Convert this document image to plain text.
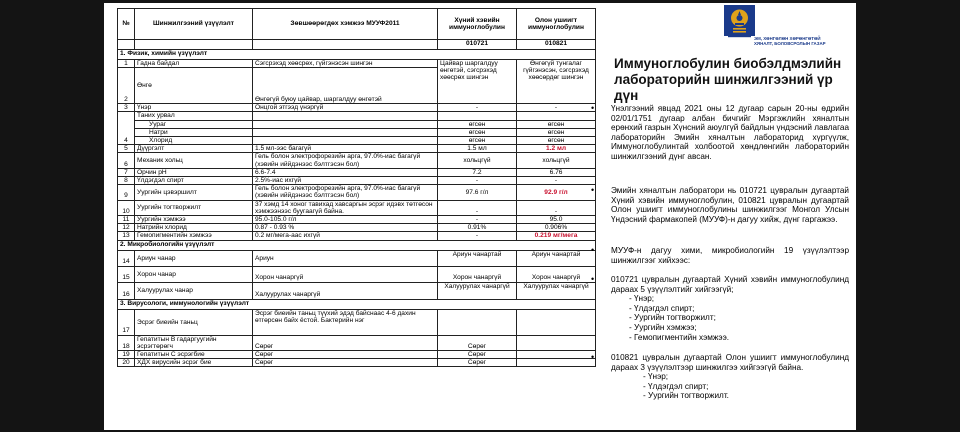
№	Шинжилгээний үзүүлэлт	Зөвшөөрөгдөх хэмжээ МУУФ2011	Хүний хэвийн иммуноглобулин	Олон ушиигт иммуноглобулин
			010721	010821
1. Физик, химийн үзүүлэлт				
1	Гадна байдал	Сэгсрэхэд хөөсрөх, гүйгэнэсэн шингэн	Цайвар шаргалдуу өнгөтэй, сэгсрэхэд хөөсрөх шингэн	Өнгөгүй тунгалаг гүйгэнэсэн, сэгсрэхэд хөөсөрдөг шингэн
2	Өнгө	Өнгөгүй буюу цайвар, шаргалдуу өнгөтэй		
3	Үнэр	Онцгой этгээд үнэргүй	-	-
4	Таних урвал			
	Уураг		өгсөн	өгсөн
	Натри		өгсөн	өгсөн
	Хлорид		өгсөн	өгсөн
5	Дүүргэлт	1.5 мл-ээс багагүй	1.5 мл	1.2 мл
6	Механик хольц	Гель болон электрофорезийн арга, 97.0%-иас багагүй (хэвийн иййдэнээс бэлтгэсэн бол)	хольцгүй	хольцгүй
7	Орчин pH	6.6-7.4	7.2	6.76
8	Үлдэгдэл спирт	2.5%-иас ихгүй	-	-
9	Уургийн цэвэршилт	Гель болон электрофорезийн арга, 97.0%-иас багагүй (хэвийн иййдэнээс бэлтгэсэн бол)	97.6 г/л	92.9 г/л
10	Уургийн тогтворжилт	37 хэмд 14 хоног тавихад хавсаргын эсрэг идэвх төтгөсон хэмжээнээс буугаагүй байна.	-	-
11	Уургийн хэмжээ	95.0-105.0 г/л	-	95.0
12	Натрийн хлорид	0.87 - 0.93 %	0.91%	0.906%
13	Гемопигментийн хэмжээ	0.2 мг/мега-аас ихгүй	-	0.219 мг/мега
2. Микробиологийн үзүүлэлт				
14	Ариун чанар	Ариун	Ариун чанартай	Ариун чанартай
15	Хорон чанар	Хорон чанаргүй	Хорон чанаргүй	Хорон чанаргүй
16	Халуурулах чанар	Халуурулах чанаргүй	Халуурулах чанаргүй	Халуурулах чанаргүй
3. Вирусологи, иммунологийн үзүүлэлт				
17	Эсрэг биеийн таньц	Эсрэг биеийн таньц түүхий эдэд байснаас 4-6 дахин өтгөрсөн байх ёстой. Бактерийн нэг		
18	Гепатитын В гадаргуугийн эсрэгтөрөгч	Сөрөг	Сөрөг	
19	Гепатитын С эсрэгбие	Сөрөг	Сөрөг	
20	ХДХ вирусийн эсрэг бие	Сөрөг	Сөрөг	
ЭМ, ХӨНГӨЛӨН ХӨРӨНГӨТӨЙ
ХЯНАЛТ, БОЛОВСРОЛЫН ГАЗАР
Иммуноглобулин биобэлдмэлийн лабораторийн шинжилгээний үр дүн
• Үнэлгээний явцад 2021 оны 12 дугаар сарын 20-ны өдрийн 02/01/1751 дугаар албан бичгийг Мэргэжлийн хяналтын ерөнхий газрын Хүнсний аюулгүй байдлын үндэсний лавлагаа лабораторийн Эмийн хяналтын лабораторид хүргүүлж, Иммуноглобулинтай холбоотой хөндлөнгийн лабораторийн шинжилгээний дүнг авсан.
• Эмийн хяналтын лаборатори нь 010721 цувралын дугаартай Хүний хэвийн иммуноглобулин, 010821 цувралын дугаартай Олон ушиигт иммуноглобулины шинжилгээг Монгол Улсын Үндэсний фармакопей (МУУФ)-н дагуу хийж, дүнг гаргажээ.
• МУУФ-н дагуу хими, микробиологийн 19 үзүүлэлтээр шинжилгээг хийхээс:
• 010721 цувралын дугаартай Хүний хэвийн иммуноглобулинд дараах 5 үзүүлэлтийг хийгээгүй;
- Үнэр;
- Үлдэгдэл спирт;
- Уургийн тогтворжилт;
- Уургийн хэмжээ;
- Гемопигментийн хэмжээ.
• 010821 цувралын дугаартай Олон ушиигт иммуноглобулинд дараах 3 үзүүлэлтээр шинжилгээ хийгээгүй байна.
- Үнэр;
- Үлдэгдэл спирт;
- Уургийн тогтворжилт.
